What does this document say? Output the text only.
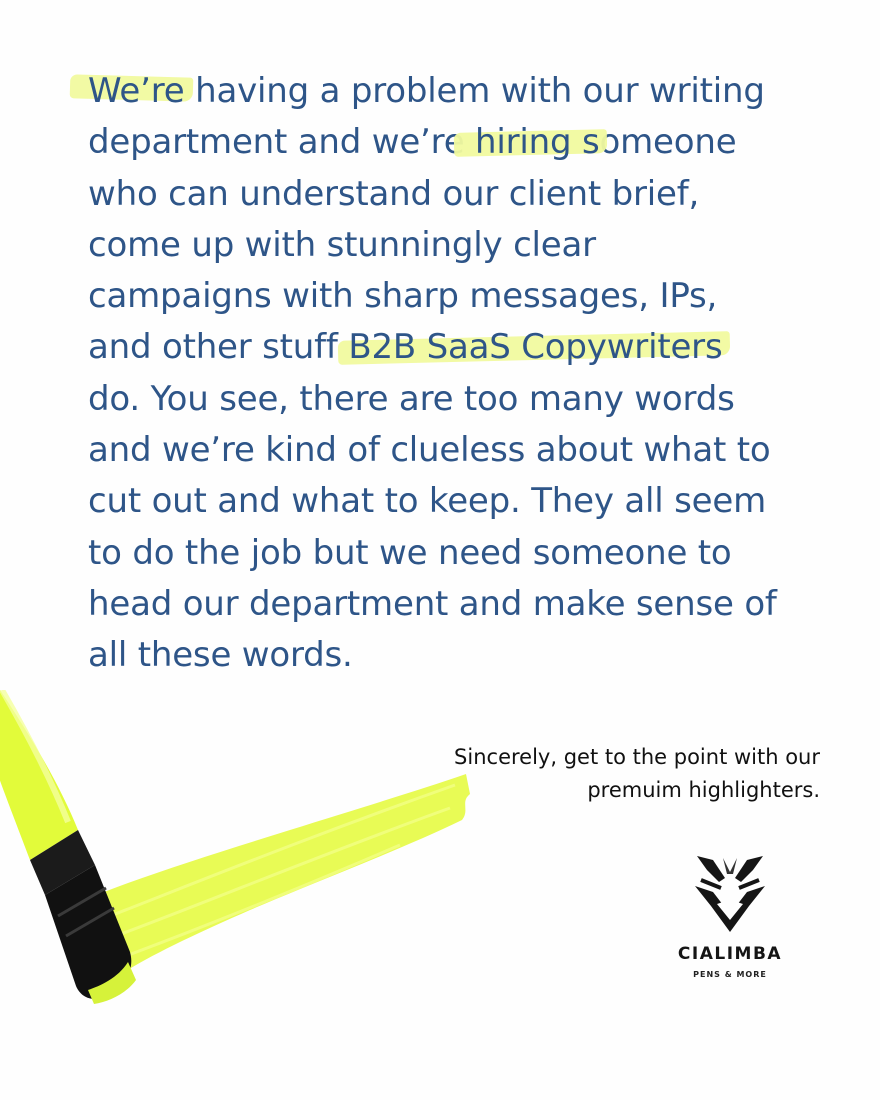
We’re having a problem with our writing
department and we’re hiring someone
who can understand our client brief,
come up with stunningly clear
campaigns with sharp messages, IPs,
and other stuff B2B SaaS Copywriters
do. You see, there are too many words
and we’re kind of clueless about what to
cut out and what to keep. They all seem
to do the job but we need someone to
head our department and make sense of
all these words.

Sincerely, get to the point with our
premuim highlighters.

CIALIMBA
PENS & MORE
